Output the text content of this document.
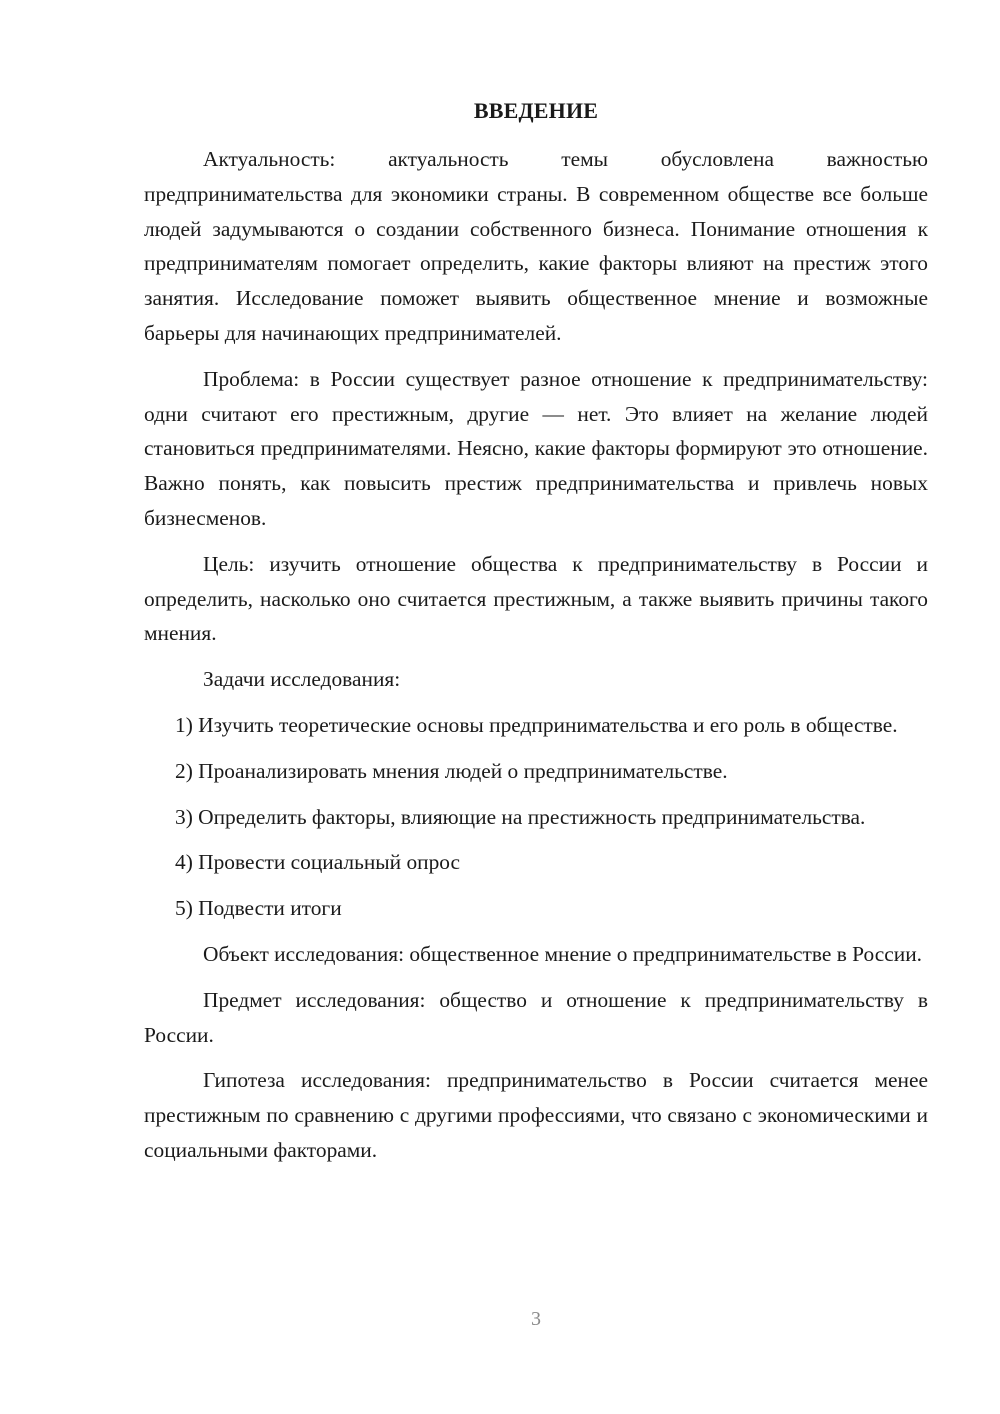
ВВЕДЕНИЕ

Актуальность: актуальность темы обусловлена важностью предпринимательства для экономики страны. В современном обществе все больше людей задумываются о создании собственного бизнеса. Понимание отношения к предпринимателям помогает определить, какие факторы влияют на престиж этого занятия. Исследование поможет выявить общественное мнение и возможные барьеры для начинающих предпринимателей.

Проблема: в России существует разное отношение к предпринимательству: одни считают его престижным, другие — нет. Это влияет на желание людей становиться предпринимателями. Неясно, какие факторы формируют это отношение. Важно понять, как повысить престиж предпринимательства и привлечь новых бизнесменов.

Цель: изучить отношение общества к предпринимательству в России и определить, насколько оно считается престижным, а также выявить причины такого мнения.

Задачи исследования:

1) Изучить теоретические основы предпринимательства и его роль в обществе.

2) Проанализировать мнения людей о предпринимательстве.

3) Определить факторы, влияющие на престижность предпринимательства.

4) Провести социальный опрос

5) Подвести итоги

Объект исследования: общественное мнение о предпринимательстве в России.

Предмет исследования: общество и отношение к предпринимательству в России.

Гипотеза исследования: предпринимательство в России считается менее престижным по сравнению с другими профессиями, что связано с экономическими и социальными факторами.

3
